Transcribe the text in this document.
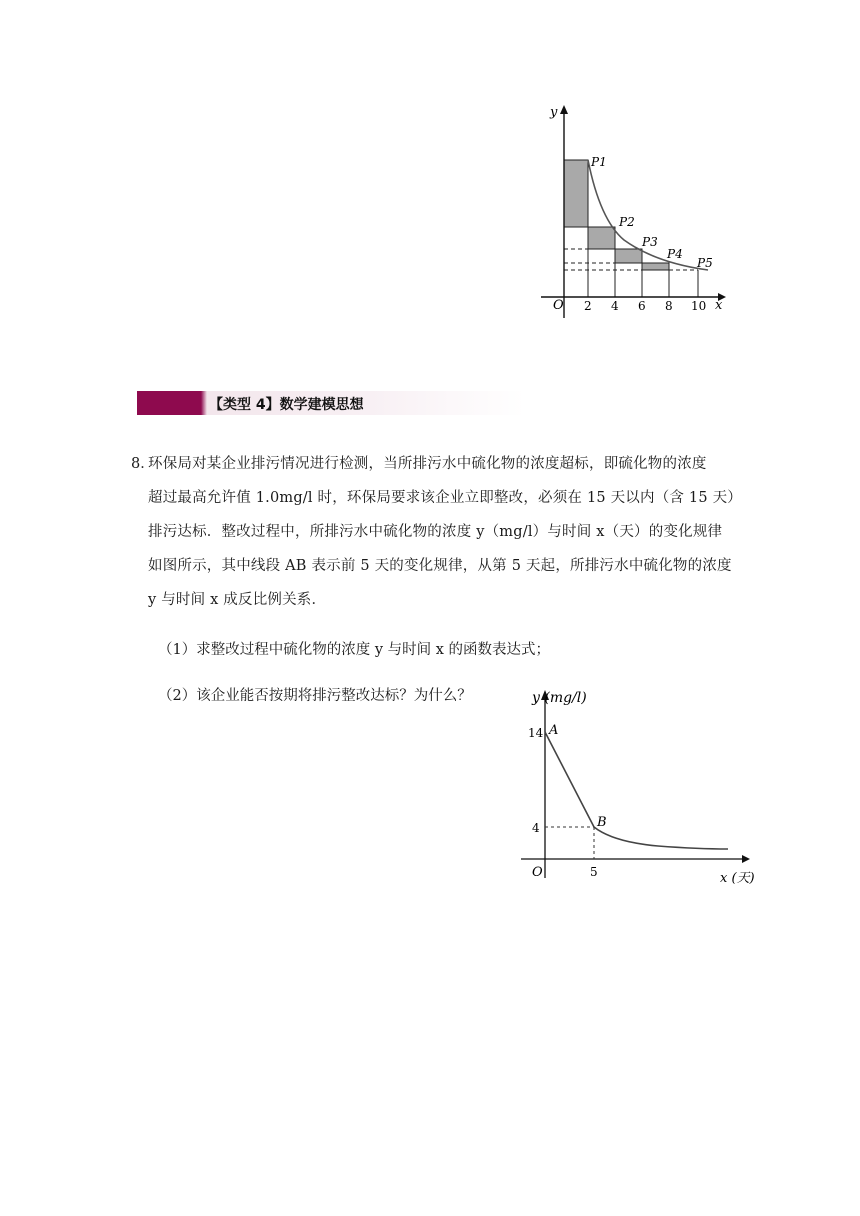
y
x
O 2 4 6 8 10
P1
P2
P3
P4
P5
【类型 4】数学建模思想
8．
环保局对某企业排污情况进行检测，当所排污水中硫化物的浓度超标，即硫化物的浓度
超过最高允许值 1.0mg/l 时，环保局要求该企业立即整改，必须在 15 天以内（含 15 天）
排污达标．整改过程中，所排污水中硫化物的浓度 y（mg/l）与时间 x（天）的变化规律
如图所示，其中线段 AB 表示前 5 天的变化规律，从第 5 天起，所排污水中硫化物的浓度
y 与时间 x 成反比例关系．
（1）求整改过程中硫化物的浓度 y 与时间 x 的函数表达式；
（2）该企业能否按期将排污整改达标？为什么？	y (mg/l)
x (天)
O
14
4
5
A
B
